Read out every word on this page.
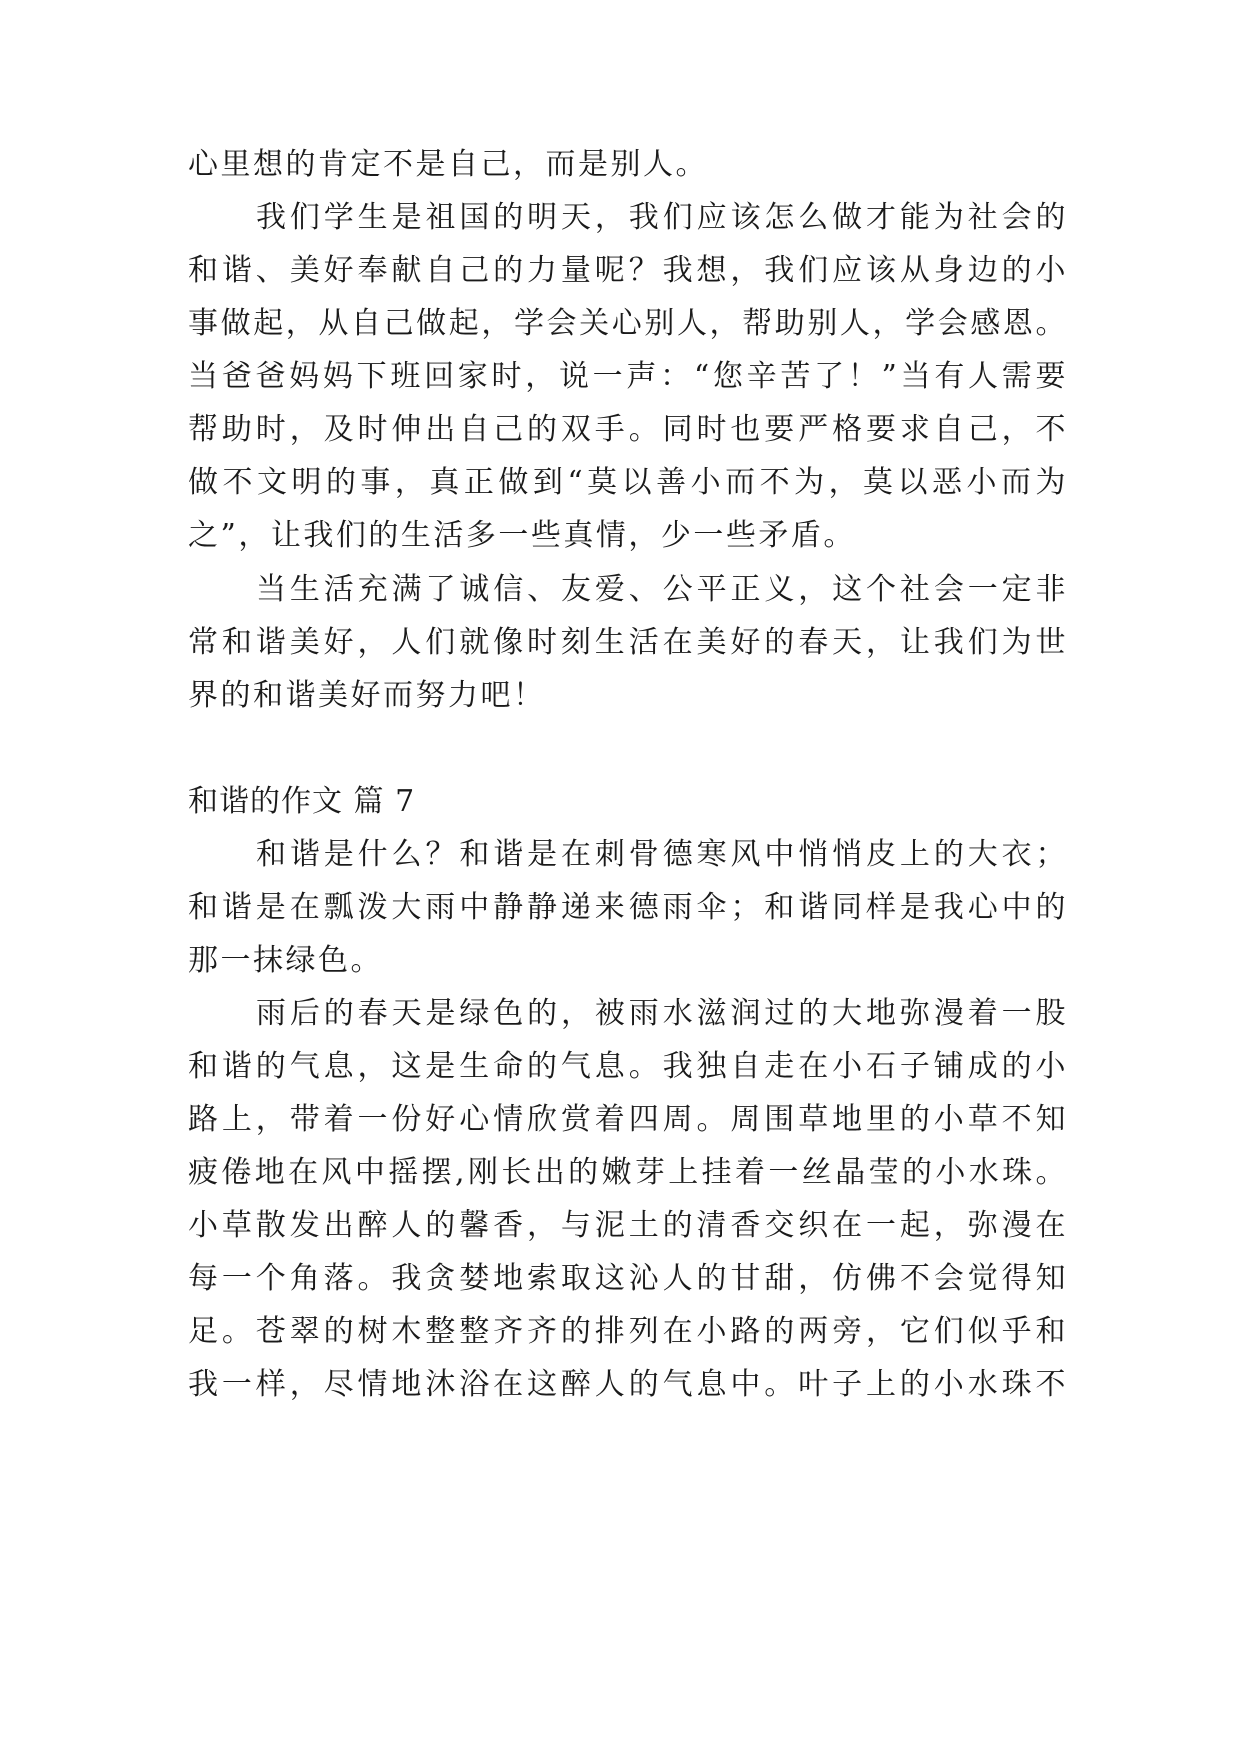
心里想的肯定不是自己，而是别人。
我们学生是祖国的明天，我们应该怎么做才能为社会的
和谐、美好奉献自己的力量呢？我想，我们应该从身边的小
事做起，从自己做起，学会关心别人，帮助别人，学会感恩。
当爸爸妈妈下班回家时，说一声：“您辛苦了！”当有人需要
帮助时，及时伸出自己的双手。同时也要严格要求自己，不
做不文明的事，真正做到“莫以善小而不为，莫以恶小而为
之”，让我们的生活多一些真情，少一些矛盾。
当生活充满了诚信、友爱、公平正义，这个社会一定非
常和谐美好，人们就像时刻生活在美好的春天，让我们为世
界的和谐美好而努力吧！
和谐的作文 篇 7
和谐是什么？和谐是在刺骨德寒风中悄悄皮上的大衣；
和谐是在瓢泼大雨中静静递来德雨伞；和谐同样是我心中的
那一抹绿色。
雨后的春天是绿色的，被雨水滋润过的大地弥漫着一股
和谐的气息，这是生命的气息。我独自走在小石子铺成的小
路上，带着一份好心情欣赏着四周。周围草地里的小草不知
疲倦地在风中摇摆,刚长出的嫩芽上挂着一丝晶莹的小水珠。
小草散发出醉人的馨香，与泥土的清香交织在一起，弥漫在
每一个角落。我贪婪地索取这沁人的甘甜，仿佛不会觉得知
足。苍翠的树木整整齐齐的排列在小路的两旁，它们似乎和
我一样，尽情地沐浴在这醉人的气息中。叶子上的小水珠不
